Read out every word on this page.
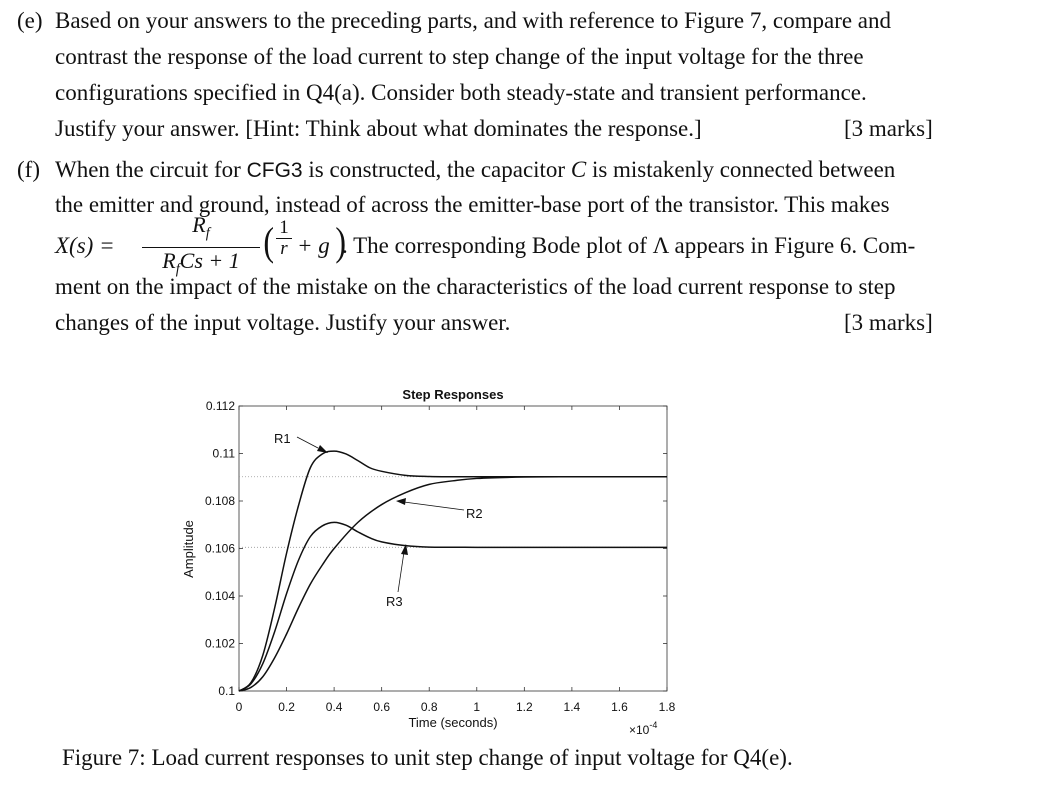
(e) Based on your answers to the preceding parts, and with reference to Figure 7, compare and
contrast the response of the load current to step change of the input voltage for the three
configurations specified in Q4(a). Consider both steady-state and transient performance.
Justify your answer. [Hint: Think about what dominates the response.]	[3 marks]
(f) When the circuit for CFG3 is constructed, the capacitor C is mistakenly connected between
the emitter and ground, instead of across the emitter-base port of the transistor. This makes
X(s) =
$R_f$
$R_fCs + 1$ ( 1
r + g )
. The corresponding Bode plot of Λ appears in Figure 6. Com-
ment on the impact of the mistake on the characteristics of the load current response to step
changes of the input voltage. Justify your answer.	[3 marks]
0	0.2	0.4	0.6	0.8	1	1.2	1.4	1.6	1.8
0.1
0.102
0.104
0.106
0.108
0.11
0.112
Step Responses
Time (seconds)
Amplitude
$\times 10^{-4}$
R1
R2
R3
Figure 7: Load current responses to unit step change of input voltage for Q4(e).
